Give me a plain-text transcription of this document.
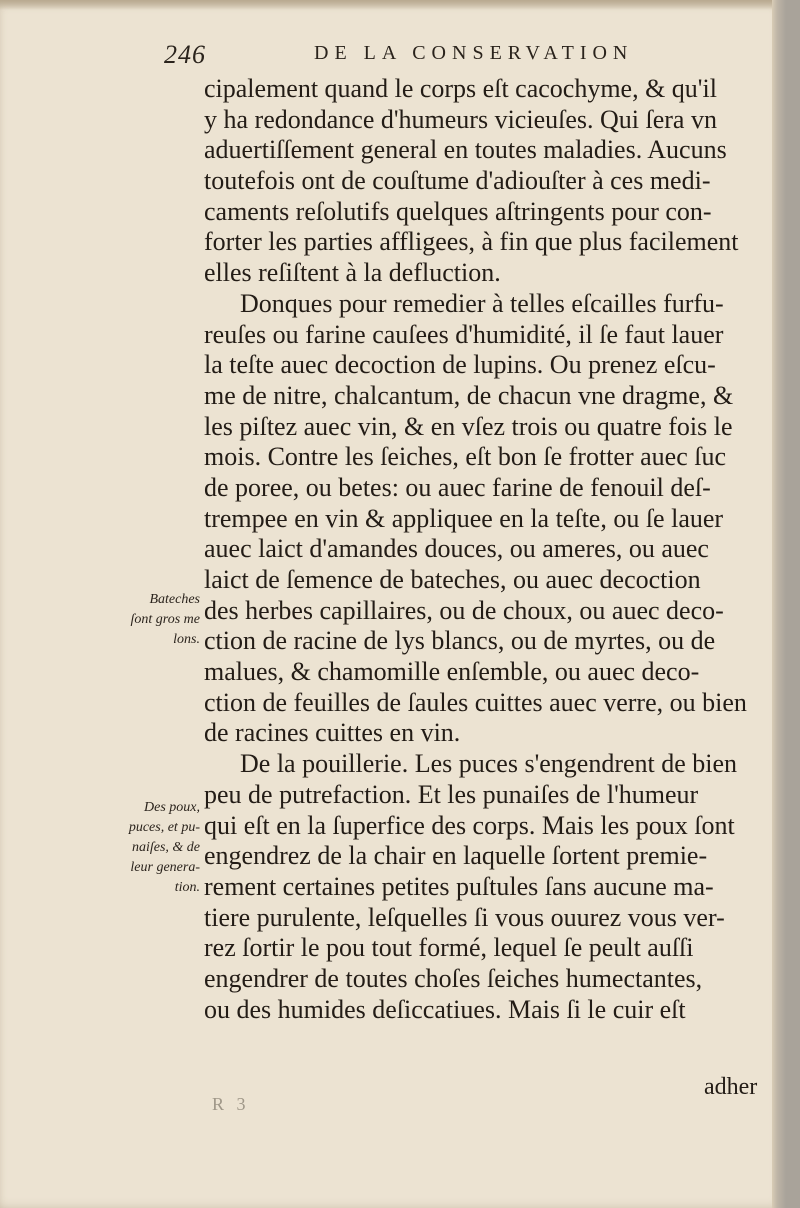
246	DE LA CONSERVATION
cipalement quand le corps eſt cacochyme, & qu'il
y ha redondance d'humeurs vicieuſes. Qui ſera vn
aduertiſſement general en toutes maladies. Aucuns
toutefois ont de couſtume d'adiouſter à ces medi-
caments reſolutifs quelques aſtringents pour con-
forter les parties affligees, à fin que plus facilement
elles reſiſtent à la defluction.
Donques pour remedier à telles eſcailles furfu-
reuſes ou farine cauſees d'humidité, il ſe faut lauer
la teſte auec decoction de lupins. Ou prenez eſcu-
me de nitre, chalcantum, de chacun vne dragme, &
les piſtez auec vin, & en vſez trois ou quatre fois le
mois. Contre les ſeiches, eſt bon ſe frotter auec ſuc
de poree, ou betes: ou auec farine de fenouil deſ-
trempee en vin & appliquee en la teſte, ou ſe lauer
auec laict d'amandes douces, ou ameres, ou auec
laict de ſemence de bateches, ou auec decoction
des herbes capillaires, ou de choux, ou auec deco-
ction de racine de lys blancs, ou de myrtes, ou de
malues, & chamomille enſemble, ou auec deco-
ction de feuilles de ſaules cuittes auec verre, ou bien
de racines cuittes en vin.
De la pouillerie. Les puces s'engendrent de bien
peu de putrefaction. Et les punaiſes de l'humeur
qui eſt en la ſuperfice des corps. Mais les poux ſont
engendrez de la chair en laquelle ſortent premie-
rement certaines petites puſtules ſans aucune ma-
tiere purulente, leſquelles ſi vous ouurez vous ver-
rez ſortir le pou tout formé, lequel ſe peult auſſi
engendrer de toutes choſes ſeiches humectantes,
ou des humides deſiccatiues. Mais ſi le cuir eſt
Bateches
ſont gros me
lons.
Des poux,
puces, et pu-
naiſes, & de
leur genera-
tion.
adher
R 3
